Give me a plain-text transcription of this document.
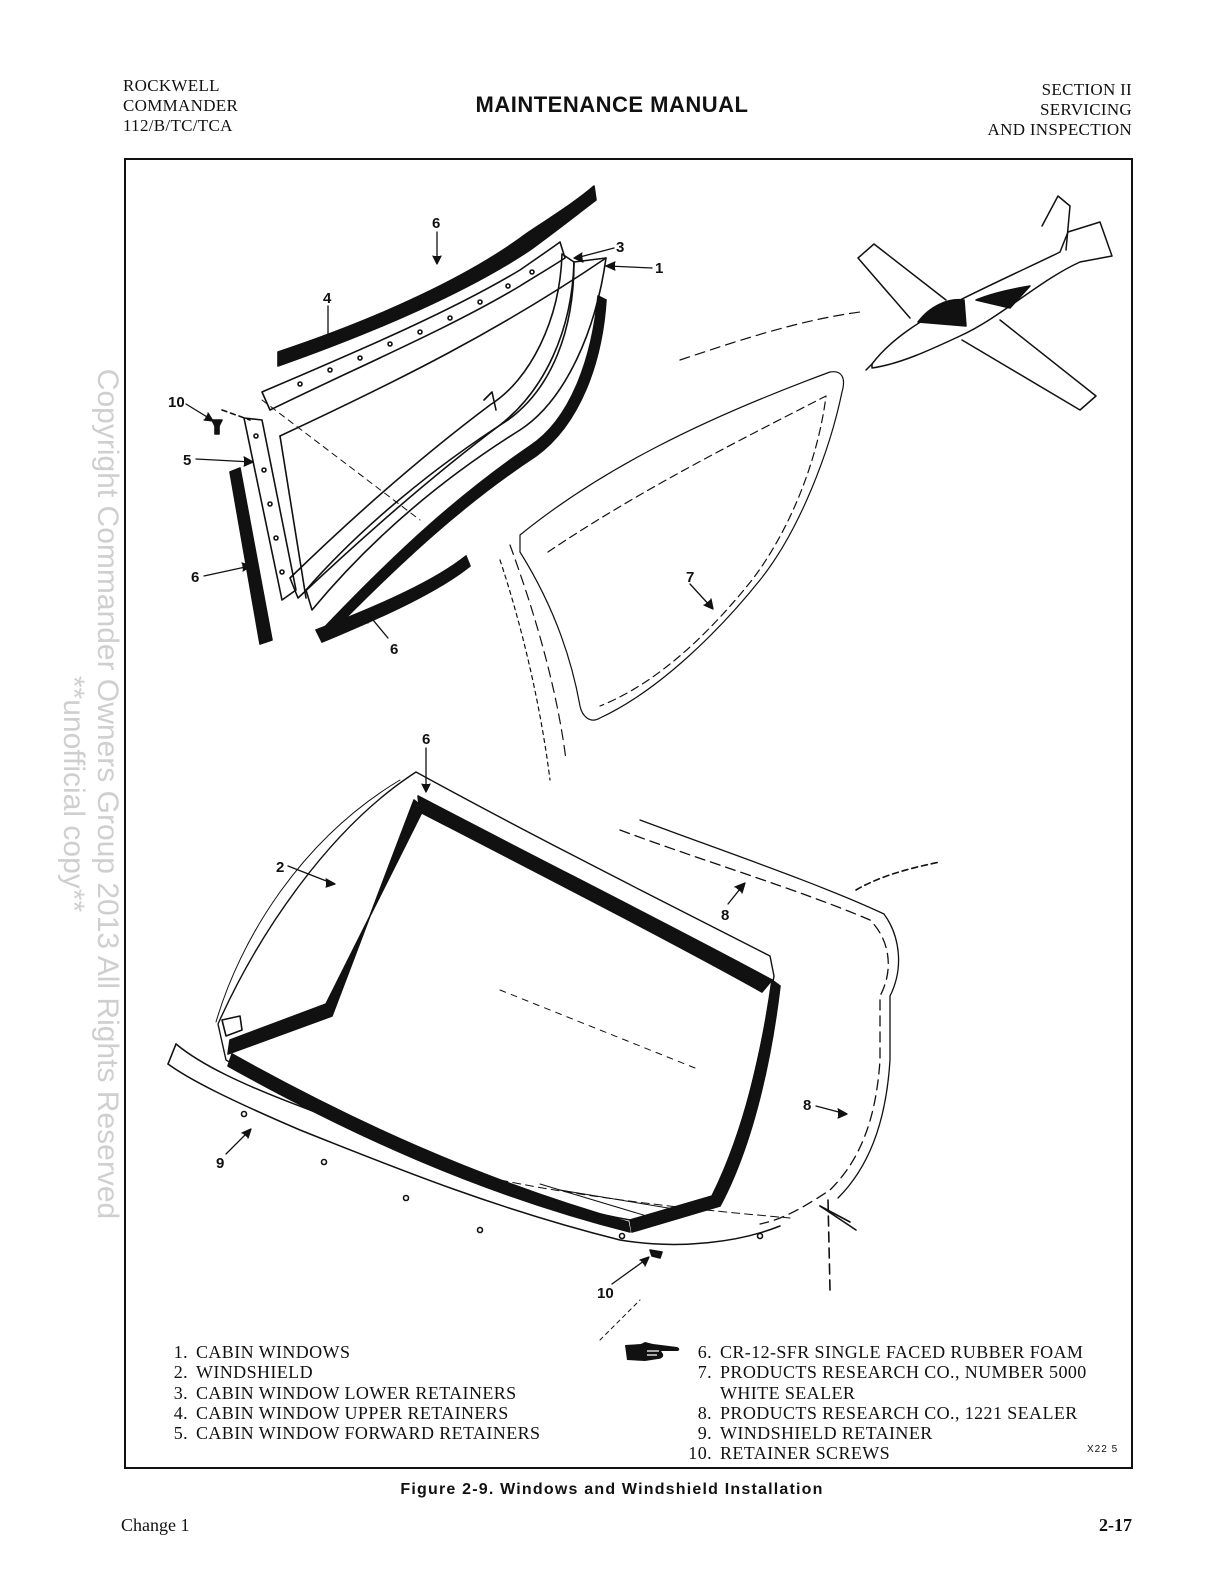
ROCKWELL
COMMANDER
112/B/TC/TCA
MAINTENANCE MANUAL
SECTION II
SERVICING
AND INSPECTION
Copyright Commander Owners Group 2013 All Rights Reserved
**unofficial copy**
6
3
1
4
10
5
6
6
7
6
2
8
8
9
10
1. CABIN WINDOWS
2. WINDSHIELD
3. CABIN WINDOW LOWER RETAINERS
4. CABIN WINDOW UPPER RETAINERS
5. CABIN WINDOW FORWARD RETAINERS
6. CR-12-SFR SINGLE FACED RUBBER FOAM
7. PRODUCTS RESEARCH CO., NUMBER 5000
WHITE SEALER
8. PRODUCTS RESEARCH CO., 1221 SEALER
9. WINDSHIELD RETAINER
10. RETAINER SCREWS	X22 5
Figure 2-9. Windows and Windshield Installation
Change 1	2-17
